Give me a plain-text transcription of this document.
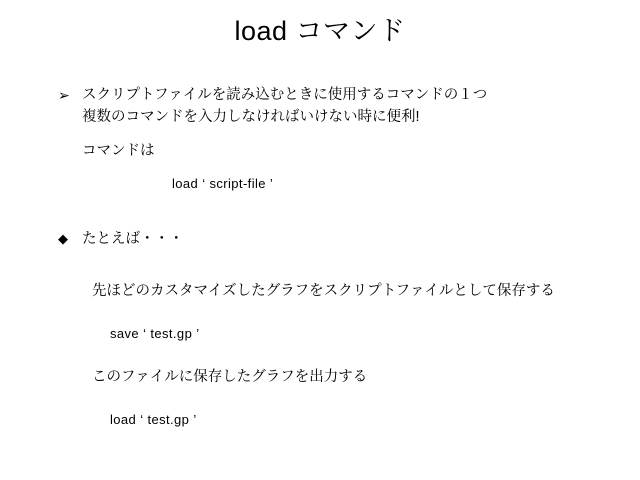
load コマンド
➢ スクリプトファイルを読み込むときに使用するコマンドの１つ
複数のコマンドを入力しなければいけない時に便利!
コマンドは
load ‘ script-file ’
◆ たとえば・・・
先ほどのカスタマイズしたグラフをスクリプトファイルとして保存する
save ‘ test.gp ’
このファイルに保存したグラフを出力する
load ‘ test.gp ’
